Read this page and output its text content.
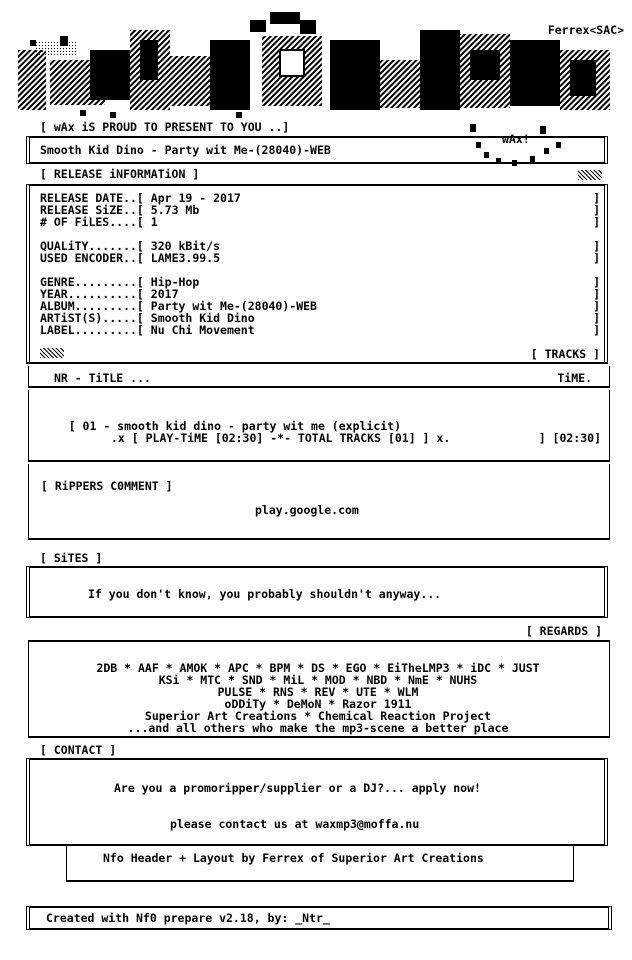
Ferrex<SAC>
[ wAx iS PROUD TO PRESENT TO YOU ..]
wAx!
Smooth Kid Dino - Party wit Me-(28040)-WEB
[ RELEASE iNFORMATiON ]
RELEASE DATE..[ Apr 19 - 2017
RELEASE SiZE..[ 5.73 Mb
# OF FiLES....[ 1
QUALiTY.......[ 320 kBit/s
USED ENCODER..[ LAME3.99.5
GENRE.........[ Hip-Hop
YEAR..........[ 2017
ALBUM.........[ Party wit Me-(28040)-WEB
ARTiST(S).....[ Smooth Kid Dino
LABEL.........[ Nu Chi Movement
]
]
]
]
]
]
]
]
]
]
[ TRACKS ]
NR - TiTLE ...	TiME.

[ 01 - smooth kid dino - party wit me (explicit)

] [02:30]

.x [ PLAY-TiME [02:30] -*- TOTAL TRACKS [01] ] x.
[ RiPPERS C0MMENT ]
play.google.com
[ SiTES ]
If you don't know, you probably shouldn't anyway...
[ REGARDS ]
2DB * AAF * AMOK * APC * BPM * DS * EGO * EiTheLMP3 * iDC * JUST
KSi * MTC * SND * MiL * MOD * NBD * NmE * NUHS
PULSE * RNS * REV * UTE * WLM
oDDiTy * DeMoN * Razor 1911
Superior Art Creations * Chemical Reaction Project
...and all others who make the mp3-scene a better place
[ CONTACT ]
Are you a promoripper/supplier or a DJ?... apply now!
please contact us at waxmp3@moffa.nu
Nfo Header + Layout by Ferrex of Superior Art Creations
Created with Nf0 prepare v2.18, by: _Ntr_
